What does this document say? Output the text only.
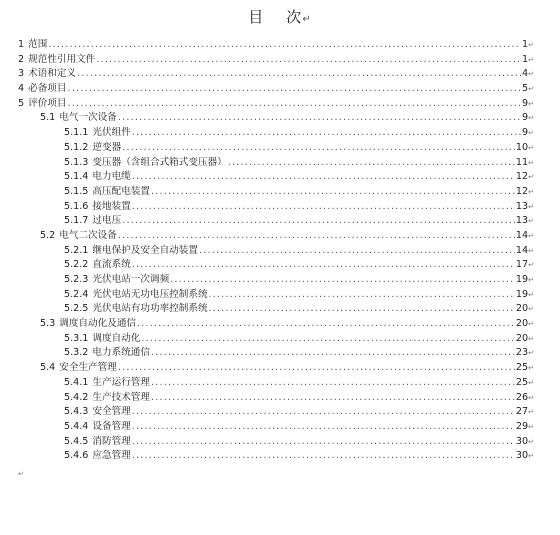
目 次↵
1 范围 .....	1↵
2 规范性引用文件 .....	1↵
3 术语和定义 .....	4↵
4 必备项目 .....	5↵
5 评价项目 .....	9↵
5.1 电气一次设备 .....	9↵
5.1.1 光伏组件 .....	9↵
5.1.2 逆变器 .....	10↵
5.1.3 变压器（含组合式箱式变压器） .....	11↵
5.1.4 电力电缆 .....	12↵
5.1.5 高压配电装置 .....	12↵
5.1.6 接地装置 .....	13↵
5.1.7 过电压 .....	13↵
5.2 电气二次设备 .....	14↵
5.2.1 继电保护及安全自动装置 .....	14↵
5.2.2 直流系统 .....	17↵
5.2.3 光伏电站一次调频 .....	19↵
5.2.4 光伏电站无功电压控制系统 .....	19↵
5.2.5 光伏电站有功功率控制系统 .....	20↵
5.3 调度自动化及通信 .....	20↵
5.3.1 调度自动化 .....	20↵
5.3.2 电力系统通信 .....	23↵
5.4 安全生产管理 .....	25↵
5.4.1 生产运行管理 .....	25↵
5.4.2 生产技术管理 .....	26↵
5.4.3 安全管理 .....	27↵
5.4.4 设备管理 .....	29↵
5.4.5 消防管理 .....	30↵
5.4.6 应急管理 .....	30↵
↵
